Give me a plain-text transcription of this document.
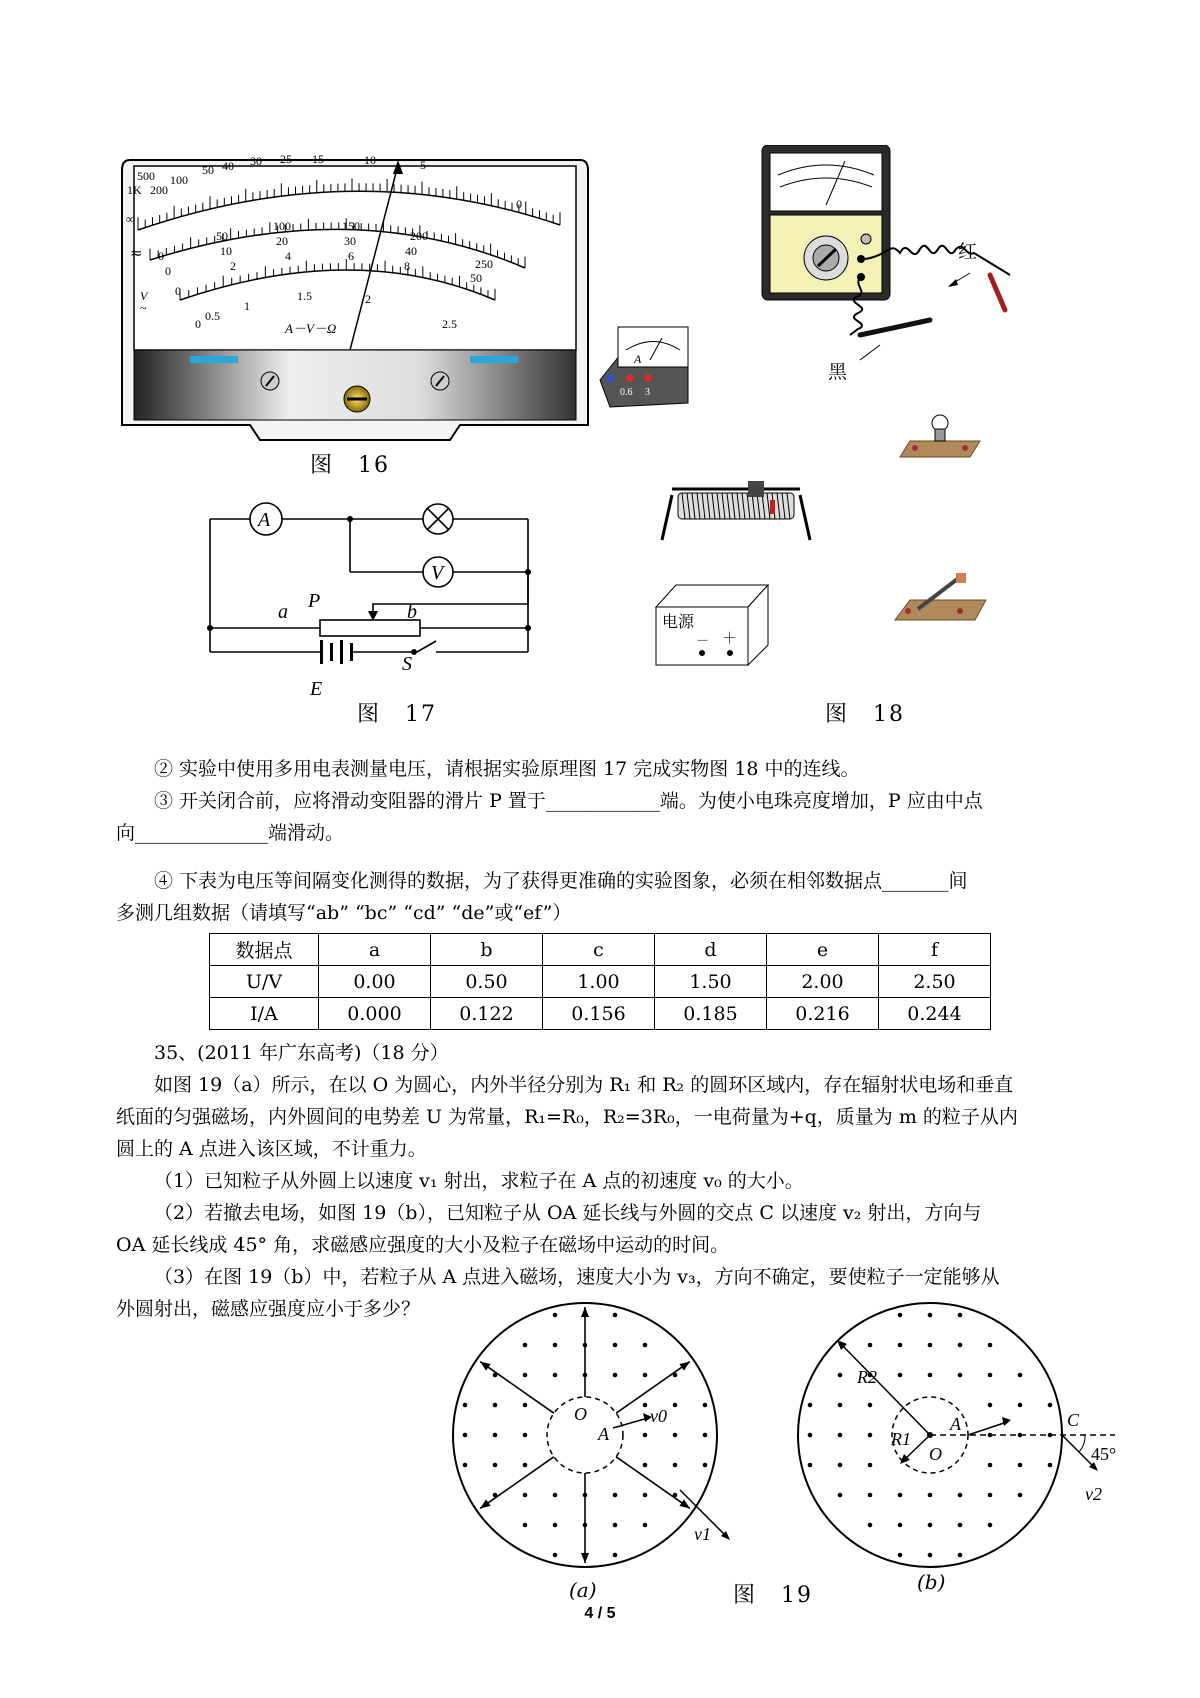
500
200
100
50 40 30 25 15	10	5
0
1K
∞
0
50
100	150
200
250
10
20	30
40
50
2
4	6
8
0
0
0
0.5
1
1.5	2
2.5
≂
V
~
A－V－Ω
图　16
红
黑
A
0.6 3
电源
－ ＋
图　18
A
V
a	b
P
S
E
图　17
② 实验中使用多用电表测量电压，请根据实验原理图 17 完成实物图 18 中的连线。
③ 开关闭合前，应将滑动变阻器的滑片 P 置于____________端。为使小电珠亮度增加，P 应由中点
向______________端滑动。
④ 下表为电压等间隔变化测得的数据，为了获得更准确的实验图象，必须在相邻数据点_______间
多测几组数据（请填写“ab” “bc” “cd” “de”或“ef”）
数据点	a	b	c	d	e	f
U/V	0.00	0.50	1.00	1.50	2.00	2.50
I/A	0.000	0.122	0.156	0.185	0.216	0.244
35、(2011 年广东高考)（18 分）
如图 19（a）所示，在以 O 为圆心，内外半径分别为 R₁ 和 R₂ 的圆环区域内，存在辐射状电场和垂直
纸面的匀强磁场，内外圆间的电势差 U 为常量，R₁=R₀，R₂=3R₀，一电荷量为+q，质量为 m 的粒子从内
圆上的 A 点进入该区域，不计重力。
（1）已知粒子从外圆上以速度 v₁ 射出，求粒子在 A 点的初速度 v₀ 的大小。
（2）若撤去电场，如图 19（b），已知粒子从 OA 延长线与外圆的交点 C 以速度 v₂ 射出，方向与
OA 延长线成 45° 角，求磁感应强度的大小及粒子在磁场中运动的时间。
（3）在图 19（b）中，若粒子从 A 点进入磁场，速度大小为 v₃，方向不确定，要使粒子一定能够从
外圆射出，磁感应强度应小于多少？
O
A
v0
v1
(a)	图　19
R2
R1
O
A	C
45°
v2
(b)
4 / 5
